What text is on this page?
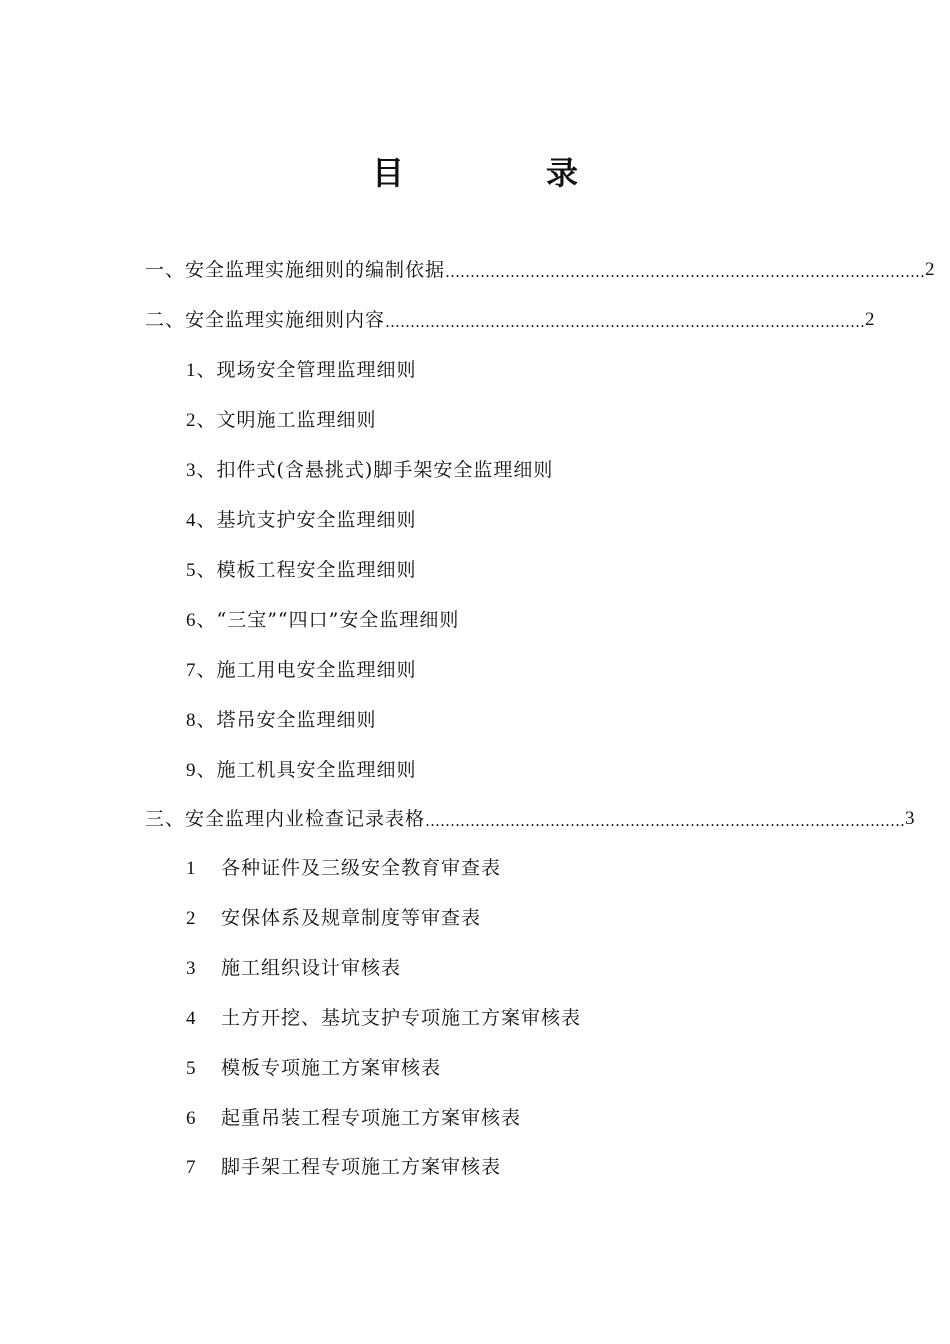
目	录
一、安全监理实施细则的编制依据 …………………………………………………………………………………… 2
二、安全监理实施细则内容 …………………………………………………………………………………… 2
1、现场安全管理监理细则
2、文明施工监理细则
3、扣件式(含悬挑式)脚手架安全监理细则
4、基坑支护安全监理细则
5、模板工程安全监理细则
6、“三宝”“四口”安全监理细则
7、施工用电安全监理细则
8、塔吊安全监理细则
9、施工机具安全监理细则
三、安全监理内业检查记录表格 …………………………………………………………………………………… 3
1 各种证件及三级安全教育审查表
2 安保体系及规章制度等审查表
3 施工组织设计审核表
4 土方开挖、基坑支护专项施工方案审核表
5 模板专项施工方案审核表
6 起重吊装工程专项施工方案审核表
7 脚手架工程专项施工方案审核表
